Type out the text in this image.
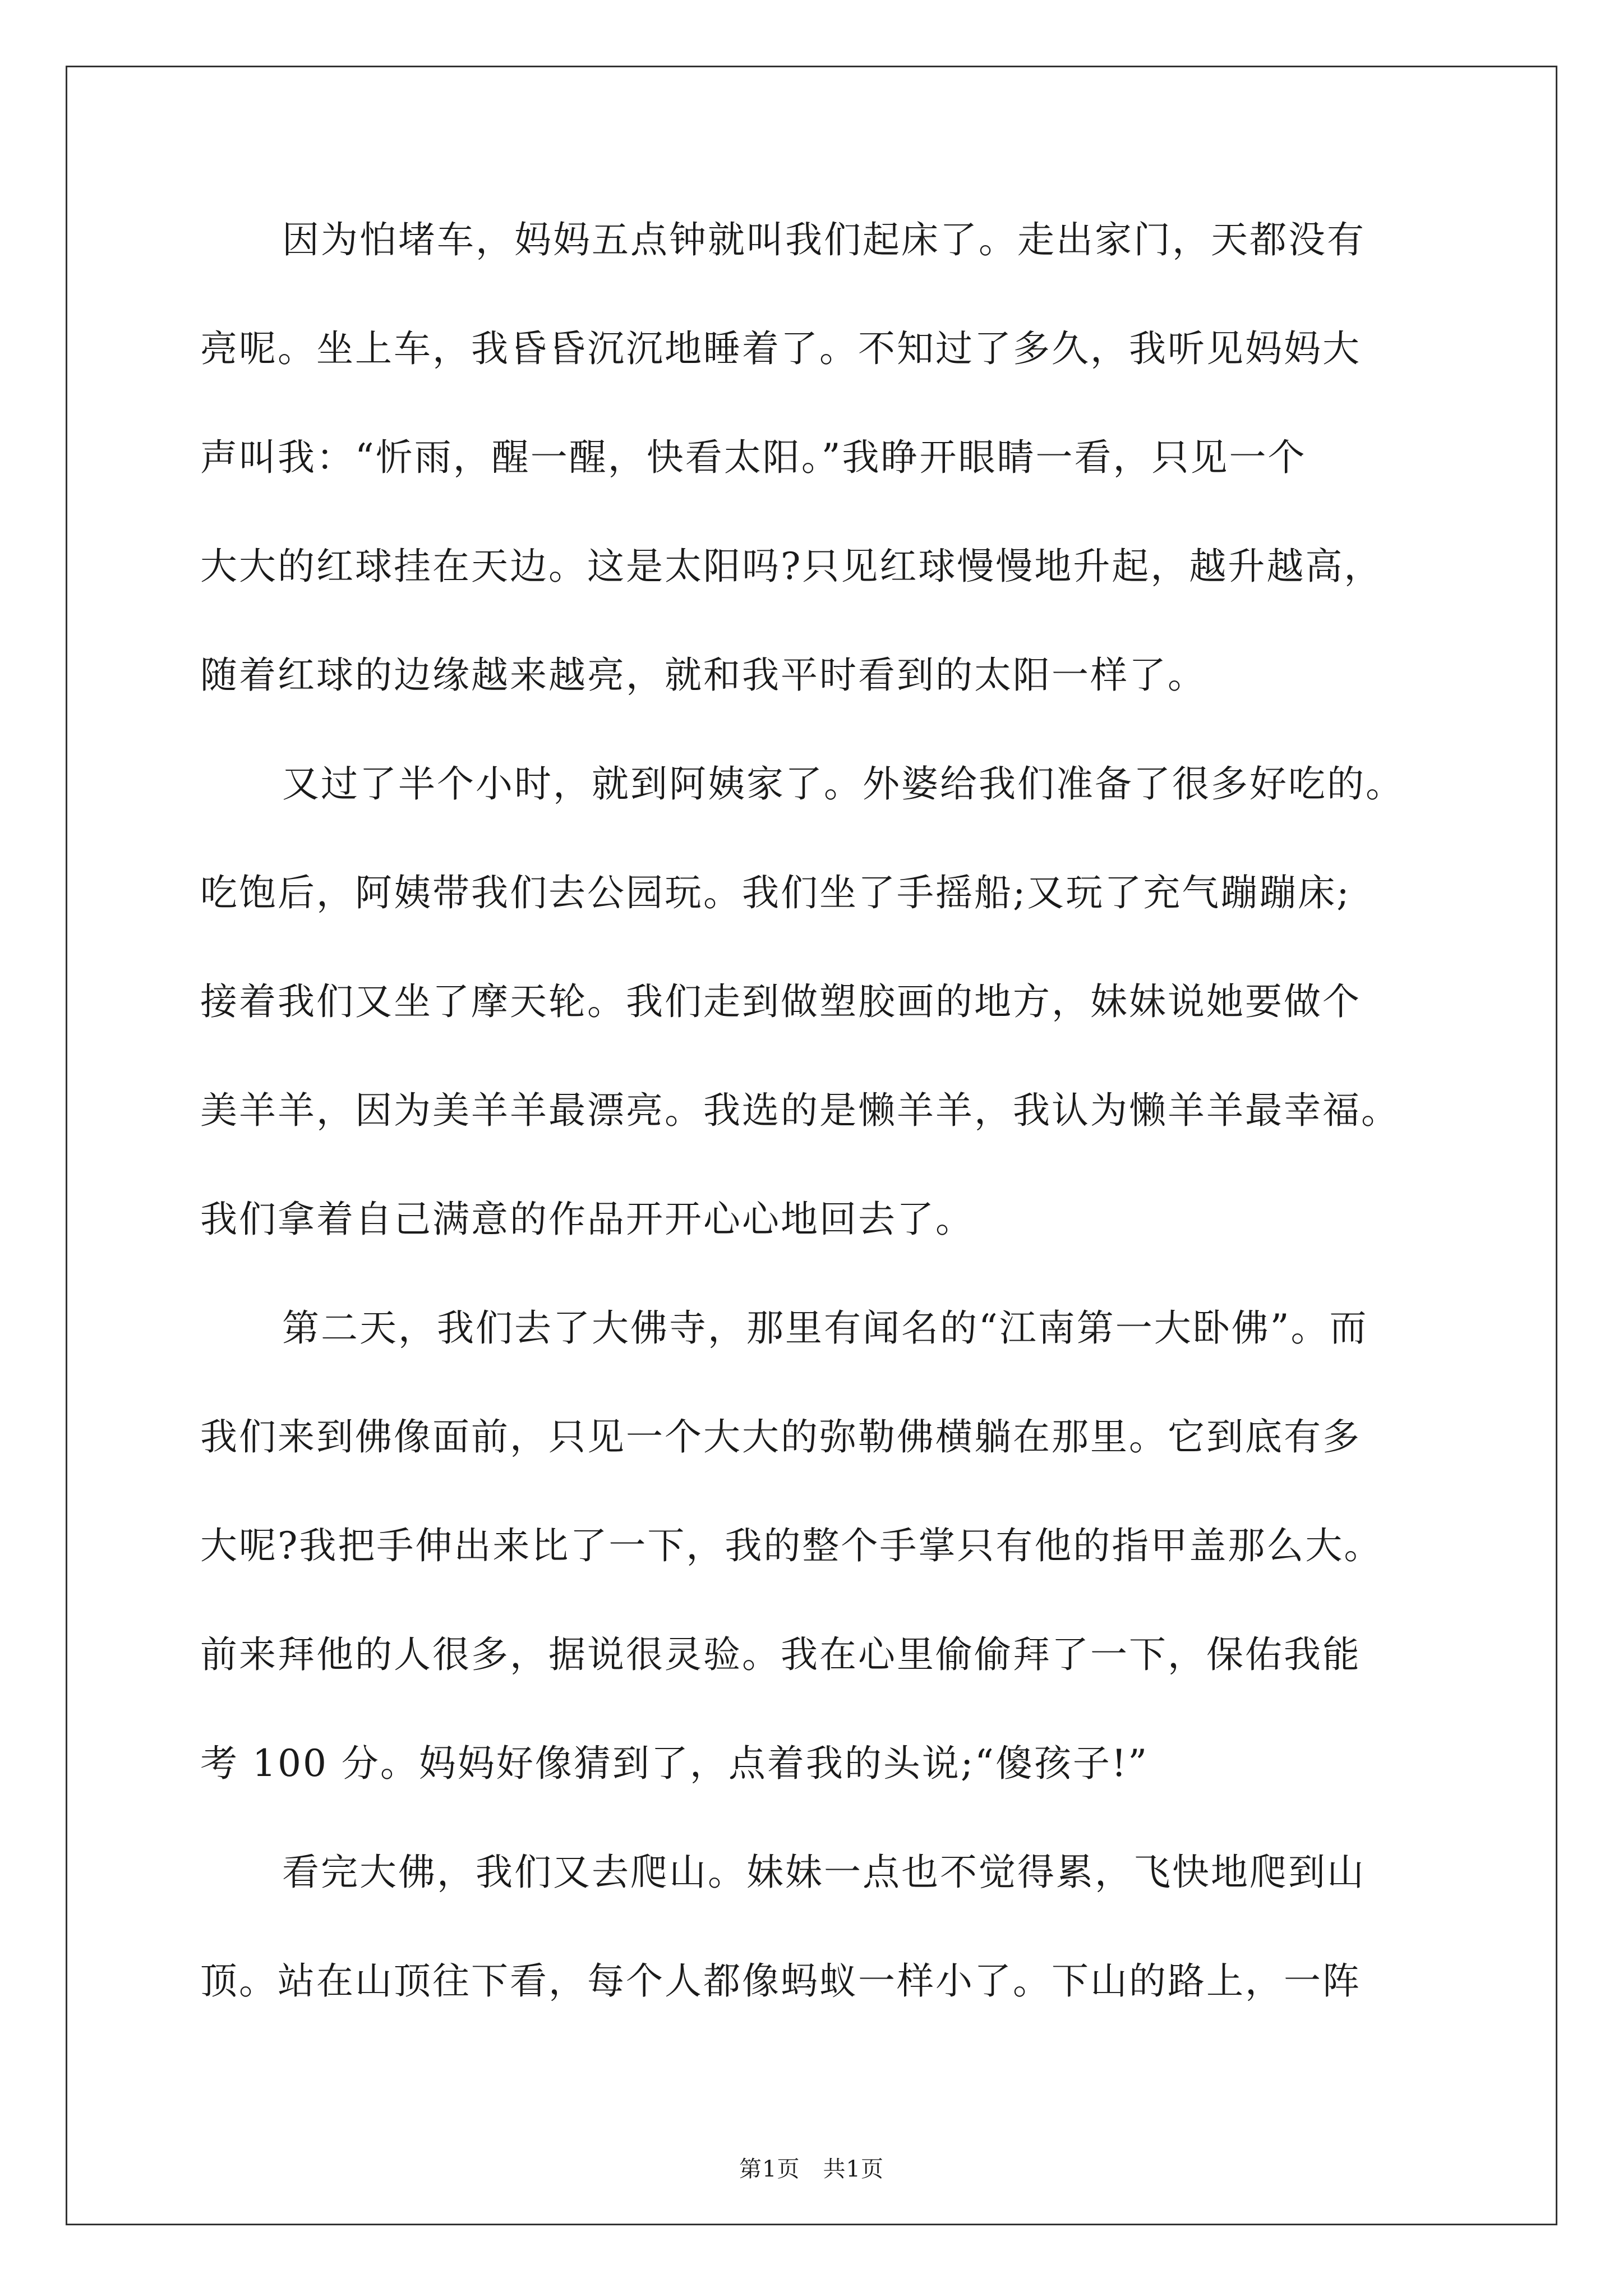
因为怕堵车，妈妈五点钟就叫我们起床了。走出家门，天都没有
亮呢。坐上车，我昏昏沉沉地睡着了。不知过了多久，我听见妈妈大
声叫我：“忻雨，醒一醒，快看太阳。”我睁开眼睛一看，只见一个
大大的红球挂在天边。这是太阳吗?只见红球慢慢地升起，越升越高，
随着红球的边缘越来越亮，就和我平时看到的太阳一样了。
又过了半个小时，就到阿姨家了。外婆给我们准备了很多好吃的。
吃饱后，阿姨带我们去公园玩。我们坐了手摇船;又玩了充气蹦蹦床;
接着我们又坐了摩天轮。我们走到做塑胶画的地方，妹妹说她要做个
美羊羊，因为美羊羊最漂亮。我选的是懒羊羊，我认为懒羊羊最幸福。
我们拿着自己满意的作品开开心心地回去了。
第二天，我们去了大佛寺，那里有闻名的“江南第一大卧佛”。而
我们来到佛像面前，只见一个大大的弥勒佛横躺在那里。它到底有多
大呢?我把手伸出来比了一下，我的整个手掌只有他的指甲盖那么大。
前来拜他的人很多，据说很灵验。我在心里偷偷拜了一下，保佑我能
考 100 分。妈妈好像猜到了，点着我的头说;“傻孩子!”
看完大佛，我们又去爬山。妹妹一点也不觉得累，飞快地爬到山
顶。站在山顶往下看，每个人都像蚂蚁一样小了。下山的路上，一阵
第1页　共1页
